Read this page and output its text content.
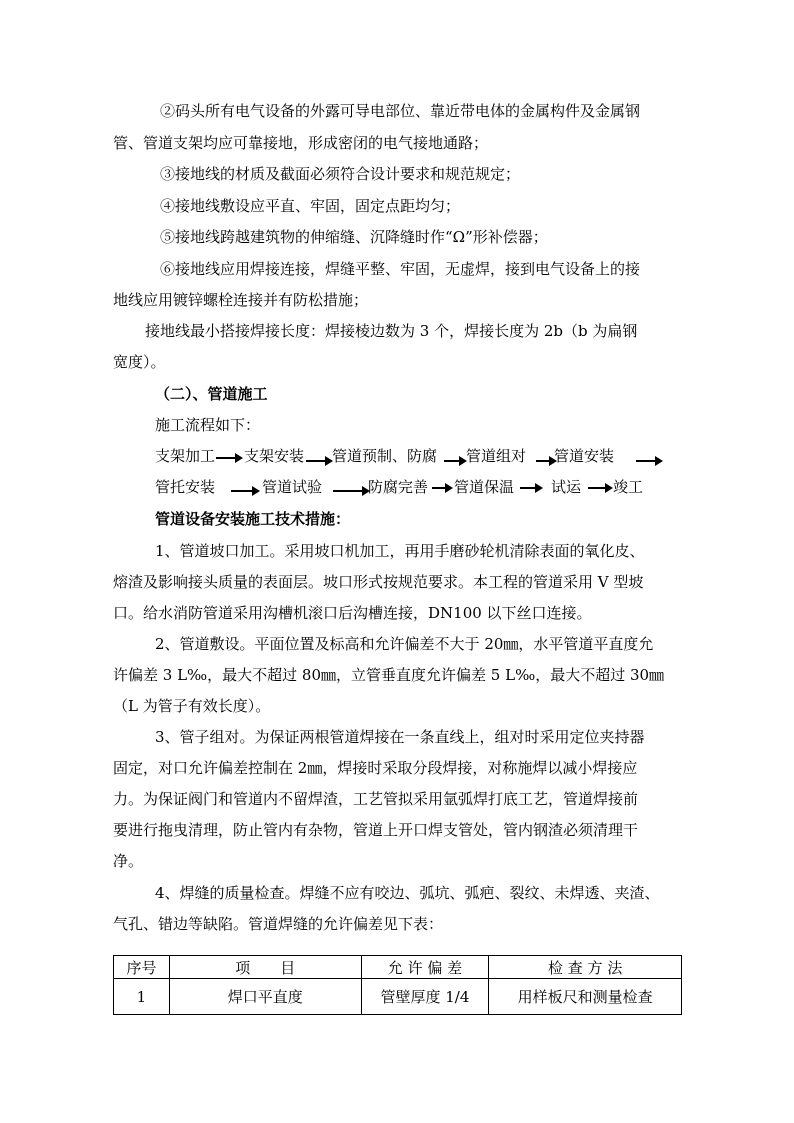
②码头所有电气设备的外露可导电部位、靠近带电体的金属构件及金属钢
管、管道支架均应可靠接地，形成密闭的电气接地通路；
③接地线的材质及截面必须符合设计要求和规范规定；
④接地线敷设应平直、牢固，固定点距均匀；
⑤接地线跨越建筑物的伸缩缝、沉降缝时作“Ω”形补偿器；
⑥接地线应用焊接连接，焊缝平整、牢固，无虚焊，接到电气设备上的接
地线应用镀锌螺栓连接并有防松措施；
接地线最小搭接焊接长度：焊接棱边数为 3 个，焊接长度为 2b（b 为扁钢
宽度）。
（二）、管道施工
施工流程如下：
支架加工 支架安装 管道预制、防腐 管道组对 管道安装
管托安装	管道试验	防腐完善 管道保温 试运 竣工
管道设备安装施工技术措施：
1、管道坡口加工。采用坡口机加工，再用手磨砂轮机清除表面的氧化皮、
熔渣及影响接头质量的表面层。坡口形式按规范要求。本工程的管道采用 V 型坡
口。给水消防管道采用沟槽机滚口后沟槽连接，DN100 以下丝口连接。
2、管道敷设。平面位置及标高和允许偏差不大于 20㎜，水平管道平直度允
许偏差 3 L‰，最大不超过 80㎜，立管垂直度允许偏差 5 L‰，最大不超过 30㎜
（L 为管子有效长度）。
3、管子组对。为保证两根管道焊接在一条直线上，组对时采用定位夹持器
固定，对口允许偏差控制在 2㎜，焊接时采取分段焊接，对称施焊以减小焊接应
力。为保证阀门和管道内不留焊渣，工艺管拟采用氩弧焊打底工艺，管道焊接前
要进行拖曳清理，防止管内有杂物，管道上开口焊支管处，管内钢渣必须清理干
净。
4、焊缝的质量检查。焊缝不应有咬边、弧坑、弧疤、裂纹、未焊透、夹渣、
气孔、错边等缺陷。管道焊缝的允许偏差见下表：
序号	项　　目	允 许 偏 差	检 查 方 法
1	焊口平直度	管壁厚度 1/4	用样板尺和测量检查
